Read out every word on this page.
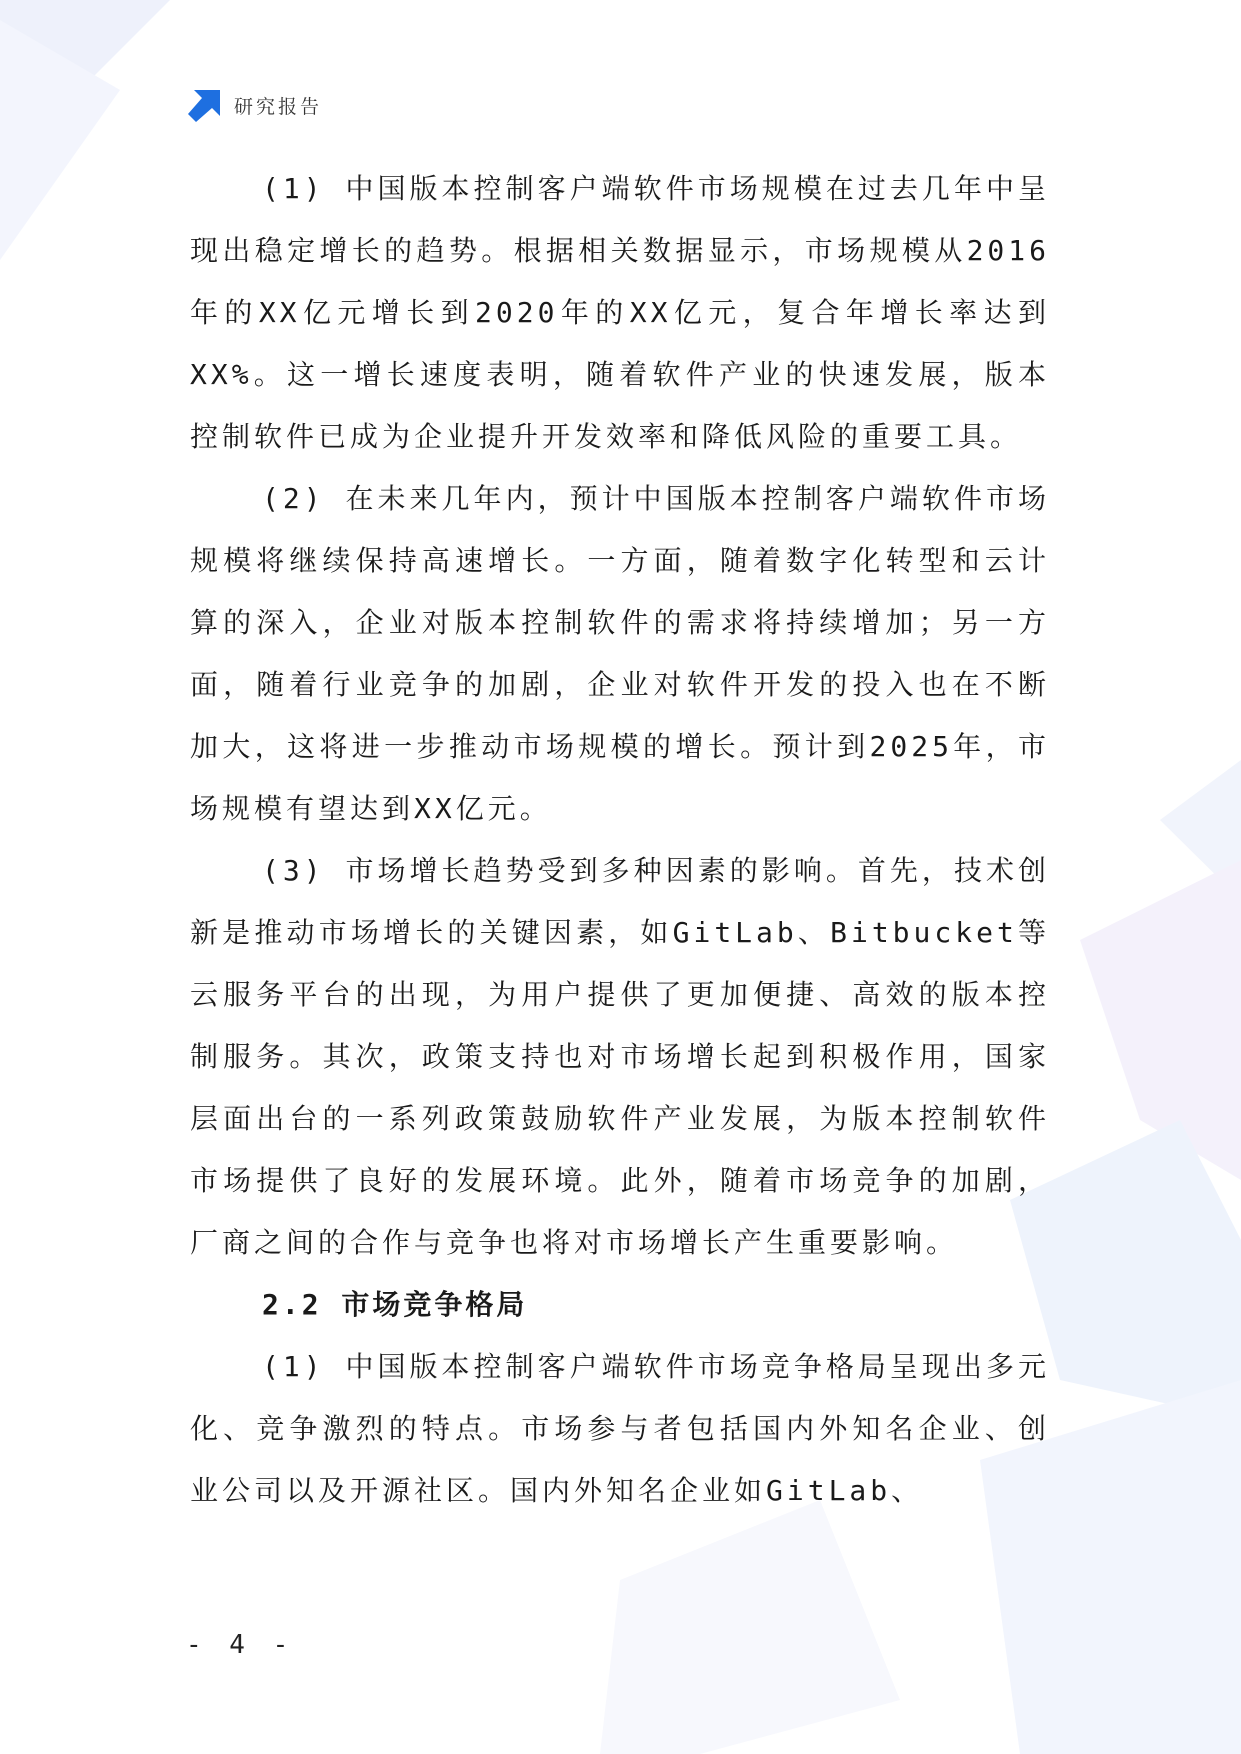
研究报告

(1) 中国版本控制客户端软件市场规模在过去几年中呈现出稳定增长的趋势。根据相关数据显示，市场规模从2016年的XX亿元增长到2020年的XX亿元，复合年增长率达到XX%。这一增长速度表明，随着软件产业的快速发展，版本控制软件已成为企业提升开发效率和降低风险的重要工具。

(2) 在未来几年内，预计中国版本控制客户端软件市场规模将继续保持高速增长。一方面，随着数字化转型和云计算的深入，企业对版本控制软件的需求将持续增加；另一方面，随着行业竞争的加剧，企业对软件开发的投入也在不断加大，这将进一步推动市场规模的增长。预计到2025年，市场规模有望达到XX亿元。

(3) 市场增长趋势受到多种因素的影响。首先，技术创新是推动市场增长的关键因素，如GitLab、Bitbucket等云服务平台的出现，为用户提供了更加便捷、高效的版本控制服务。其次，政策支持也对市场增长起到积极作用，国家层面出台的一系列政策鼓励软件产业发展，为版本控制软件市场提供了良好的发展环境。此外，随着市场竞争的加剧，厂商之间的合作与竞争也将对市场增长产生重要影响。

2.2 市场竞争格局

(1) 中国版本控制客户端软件市场竞争格局呈现出多元化、竞争激烈的特点。市场参与者包括国内外知名企业、创业公司以及开源社区。国内外知名企业如GitLab、

- 4 -
